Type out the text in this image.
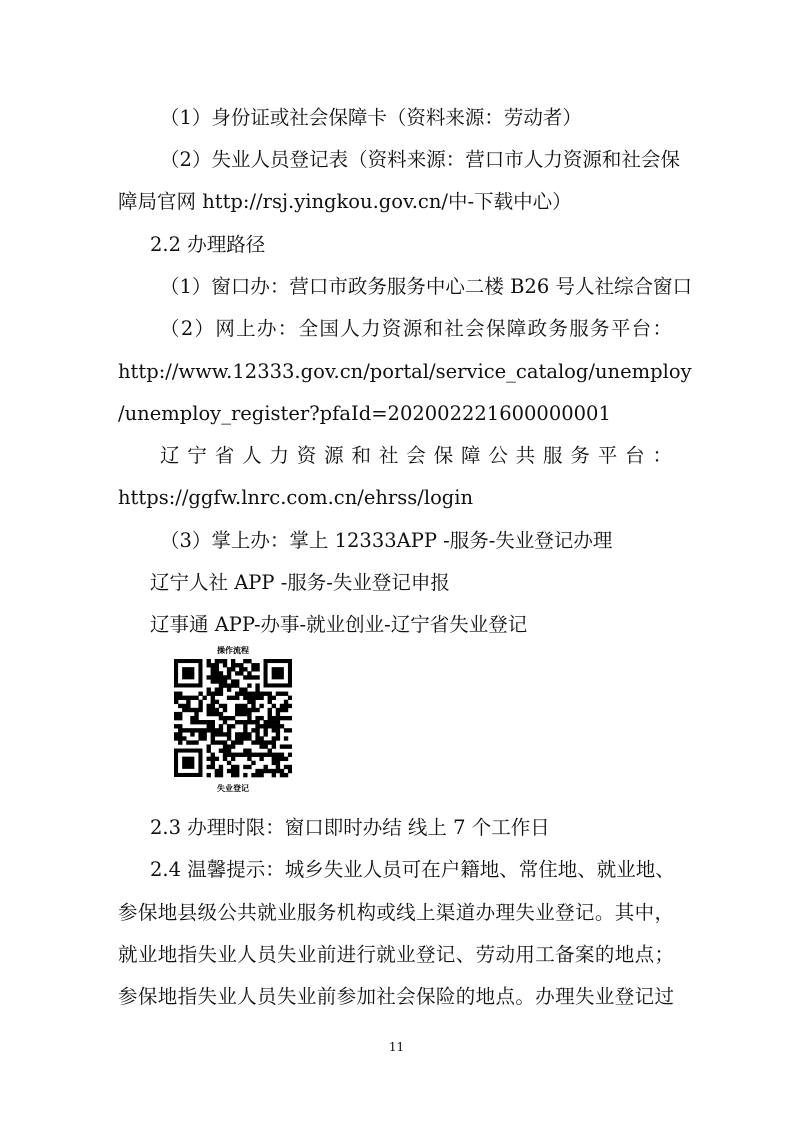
（1）身份证或社会保障卡（资料来源：劳动者）
（2）失业人员登记表（资料来源：营口市人力资源和社会保
障局官网 http://rsj.yingkou.gov.cn/中-下载中心）
2.2 办理路径
（1）窗口办：营口市政务服务中心二楼 B26 号人社综合窗口
（2）网上办：全国人力资源和社会保障政务服务平台：
http://www.12333.gov.cn/portal/service_catalog/unemploy
/unemploy_register?pfaId=202002221600000001
辽宁省人力资源和社会保障公共服务平台：
https://ggfw.lnrc.com.cn/ehrss/login
（3）掌上办：掌上 12333APP -服务-失业登记办理
辽宁人社 APP -服务-失业登记申报
辽事通 APP-办事-就业创业-辽宁省失业登记
操作流程
失业登记
2.3 办理时限：窗口即时办结 线上 7 个工作日
2.4 温馨提示：城乡失业人员可在户籍地、常住地、就业地、
参保地县级公共就业服务机构或线上渠道办理失业登记。其中，
就业地指失业人员失业前进行就业登记、劳动用工备案的地点；
参保地指失业人员失业前参加社会保险的地点。办理失业登记过
11
